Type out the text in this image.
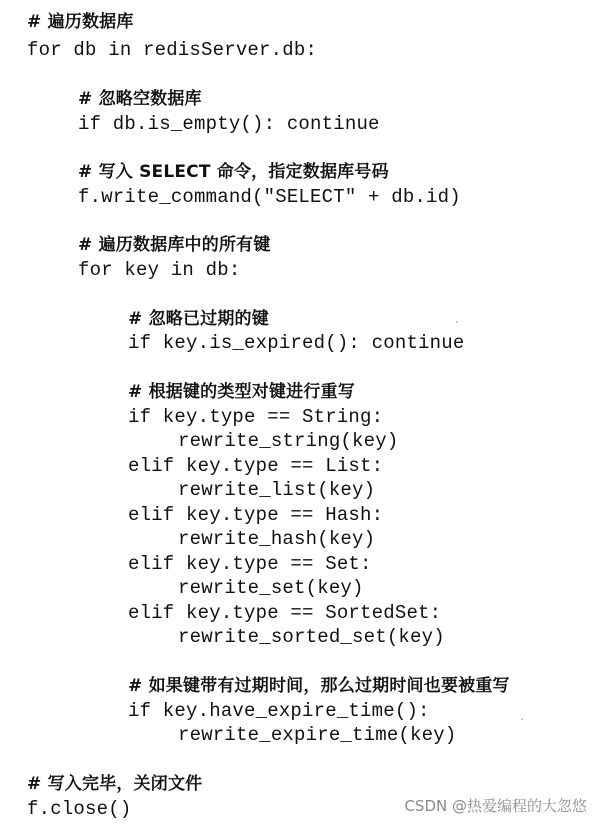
# 遍历数据库
for db in redisServer.db:
# 忽略空数据库
if db.is_empty(): continue
# 写入 SELECT 命令，指定数据库号码
f.write_command("SELECT" + db.id)
# 遍历数据库中的所有键
for key in db:
# 忽略已过期的键
if key.is_expired(): continue
# 根据键的类型对键进行重写
if key.type == String:
rewrite_string(key)
elif key.type == List:
rewrite_list(key)
elif key.type == Hash:
rewrite_hash(key)
elif key.type == Set:
rewrite_set(key)
elif key.type == SortedSet:
rewrite_sorted_set(key)
# 如果键带有过期时间，那么过期时间也要被重写
if key.have_expire_time():
rewrite_expire_time(key)
# 写入完毕，关闭文件
f.close()	CSDN @热爱编程的大忽悠
